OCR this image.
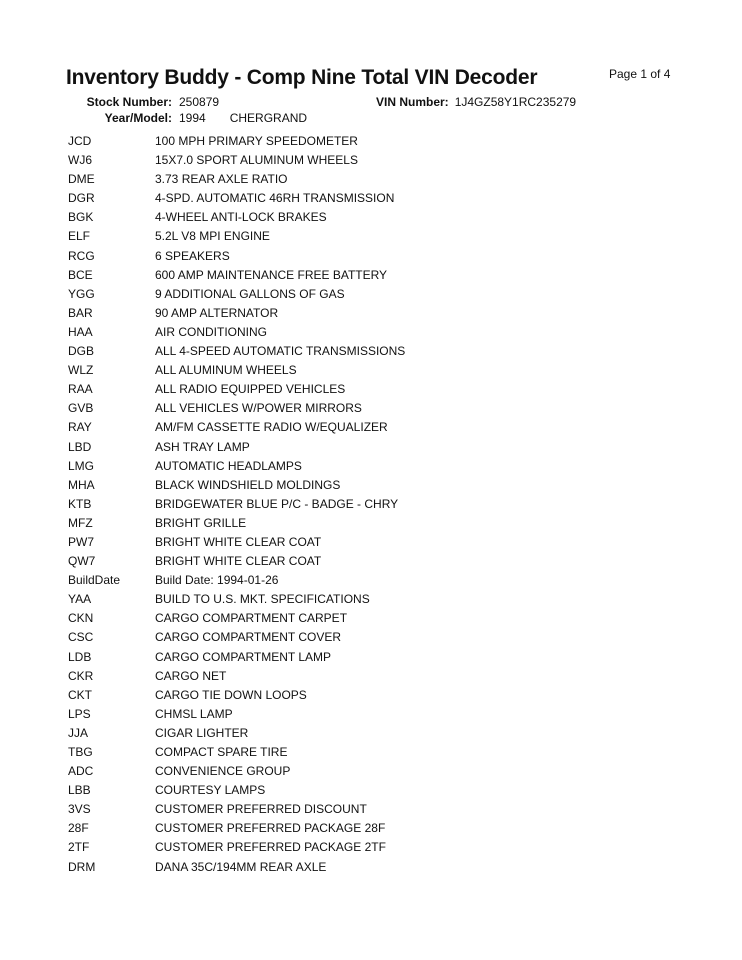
Inventory Buddy - Comp Nine Total VIN Decoder	Page 1 of 4
Stock Number: 250879	VIN Number: 1J4GZ58Y1RC235279
Year/Model: 1994 CHERGRAND
JCD	100 MPH PRIMARY SPEEDOMETER
WJ6	15X7.0 SPORT ALUMINUM WHEELS
DME	3.73 REAR AXLE RATIO
DGR	4-SPD. AUTOMATIC 46RH TRANSMISSION
BGK	4-WHEEL ANTI-LOCK BRAKES
ELF	5.2L V8 MPI ENGINE
RCG	6 SPEAKERS
BCE	600 AMP MAINTENANCE FREE BATTERY
YGG	9 ADDITIONAL GALLONS OF GAS
BAR	90 AMP ALTERNATOR
HAA	AIR CONDITIONING
DGB	ALL 4-SPEED AUTOMATIC TRANSMISSIONS
WLZ	ALL ALUMINUM WHEELS
RAA	ALL RADIO EQUIPPED VEHICLES
GVB	ALL VEHICLES W/POWER MIRRORS
RAY	AM/FM CASSETTE RADIO W/EQUALIZER
LBD	ASH TRAY LAMP
LMG	AUTOMATIC HEADLAMPS
MHA	BLACK WINDSHIELD MOLDINGS
KTB	BRIDGEWATER BLUE P/C - BADGE - CHRY
MFZ	BRIGHT GRILLE
PW7	BRIGHT WHITE CLEAR COAT
QW7	BRIGHT WHITE CLEAR COAT
BuildDate	Build Date: 1994-01-26
YAA	BUILD TO U.S. MKT. SPECIFICATIONS
CKN	CARGO COMPARTMENT CARPET
CSC	CARGO COMPARTMENT COVER
LDB	CARGO COMPARTMENT LAMP
CKR	CARGO NET
CKT	CARGO TIE DOWN LOOPS
LPS	CHMSL LAMP
JJA	CIGAR LIGHTER
TBG	COMPACT SPARE TIRE
ADC	CONVENIENCE GROUP
LBB	COURTESY LAMPS
3VS	CUSTOMER PREFERRED DISCOUNT
28F	CUSTOMER PREFERRED PACKAGE 28F
2TF	CUSTOMER PREFERRED PACKAGE 2TF
DRM	DANA 35C/194MM REAR AXLE
